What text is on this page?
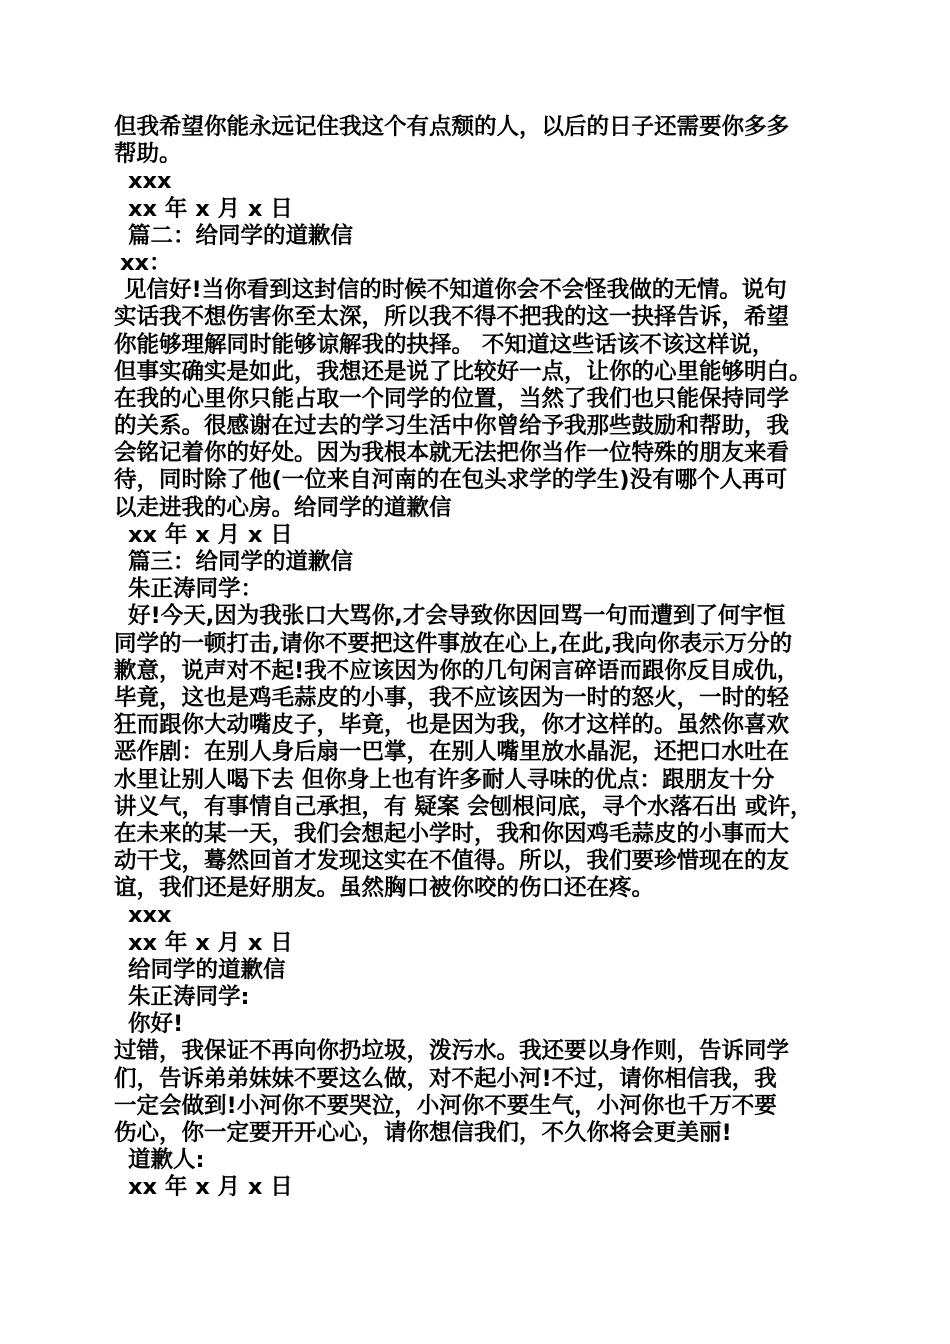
但我希望你能永远记住我这个有点颓的人，以后的日子还需要你多多
帮助。
xxx
xx 年 x 月 x 日
篇二：给同学的道歉信
xx：
见信好!当你看到这封信的时候不知道你会不会怪我做的无情。说句
实话我不想伤害你至太深，所以我不得不把我的这一抉择告诉，希望
你能够理解同时能够谅解我的抉择。 不知道这些话该不该这样说，
但事实确实是如此，我想还是说了比较好一点，让你的心里能够明白。
在我的心里你只能占取一个同学的位置，当然了我们也只能保持同学
的关系。很感谢在过去的学习生活中你曾给予我那些鼓励和帮助，我
会铭记着你的好处。因为我根本就无法把你当作一位特殊的朋友来看
待，同时除了他(一位来自河南的在包头求学的学生)没有哪个人再可
以走进我的心房。给同学的道歉信
xx 年 x 月 x 日
篇三：给同学的道歉信
朱正涛同学：
好!今天,因为我张口大骂你,才会导致你因回骂一句而遭到了何宇恒
同学的一顿打击,请你不要把这件事放在心上,在此,我向你表示万分的
歉意，说声对不起!我不应该因为你的几句闲言碎语而跟你反目成仇，
毕竟，这也是鸡毛蒜皮的小事，我不应该因为一时的怒火，一时的轻
狂而跟你大动嘴皮子，毕竟，也是因为我，你才这样的。虽然你喜欢
恶作剧：在别人身后扇一巴掌，在别人嘴里放水晶泥，还把口水吐在
水里让别人喝下去 但你身上也有许多耐人寻味的优点：跟朋友十分
讲义气，有事情自己承担，有 疑案 会刨根问底，寻个水落石出 或许，
在未来的某一天，我们会想起小学时，我和你因鸡毛蒜皮的小事而大
动干戈，蓦然回首才发现这实在不值得。所以，我们要珍惜现在的友
谊，我们还是好朋友。虽然胸口被你咬的伤口还在疼。
xxx
xx 年 x 月 x 日
给同学的道歉信
朱正涛同学:
你好!
过错，我保证不再向你扔垃圾，泼污水。我还要以身作则，告诉同学
们，告诉弟弟妹妹不要这么做，对不起小河!不过，请你相信我，我
一定会做到!小河你不要哭泣，小河你不要生气，小河你也千万不要
伤心，你一定要开开心心，请你想信我们，不久你将会更美丽!
道歉人:
xx 年 x 月 x 日
